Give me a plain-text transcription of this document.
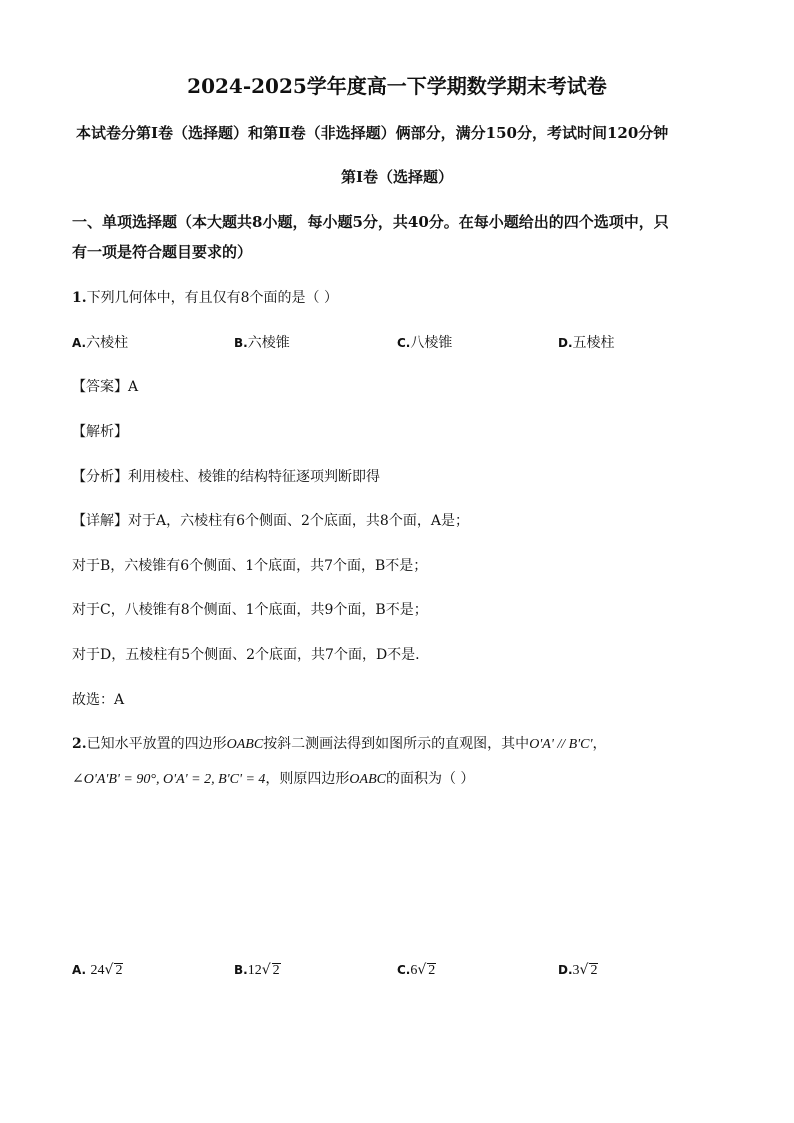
2024-2025学年度高一下学期数学期末考试卷
本试卷分第Ⅰ卷（选择题）和第Ⅱ卷（非选择题）俩部分，满分150分，考试时间120分钟
第Ⅰ卷（选择题）
一、单项选择题（本大题共8小题，每小题5分，共40分。在每小题给出的四个选项中，只
有一项是符合题目要求的）
1.下列几何体中，有且仅有8个面的是（ ）
A.六棱柱	B.六棱锥	C.八棱锥	D.五棱柱
【答案】A
【解析】
【分析】利用棱柱、棱锥的结构特征逐项判断即得
【详解】对于A，六棱柱有6个侧面、2个底面，共8个面，A是；
对于B，六棱锥有6个侧面、1个底面，共7个面，B不是；
对于C，八棱锥有8个侧面、1个底面，共9个面，B不是；
对于D，五棱柱有5个侧面、2个底面，共7个面，D不是.
故选：A
2.已知水平放置的四边形OABC按斜二测画法得到如图所示的直观图，其中O'A' // B'C'，
∠O'A'B' = 90°, O'A' = 2, B'C' = 4，则原四边形OABC的面积为（ ）
A. 24√ 2	B.12√ 2	C.6√ 2	D.3√ 2
